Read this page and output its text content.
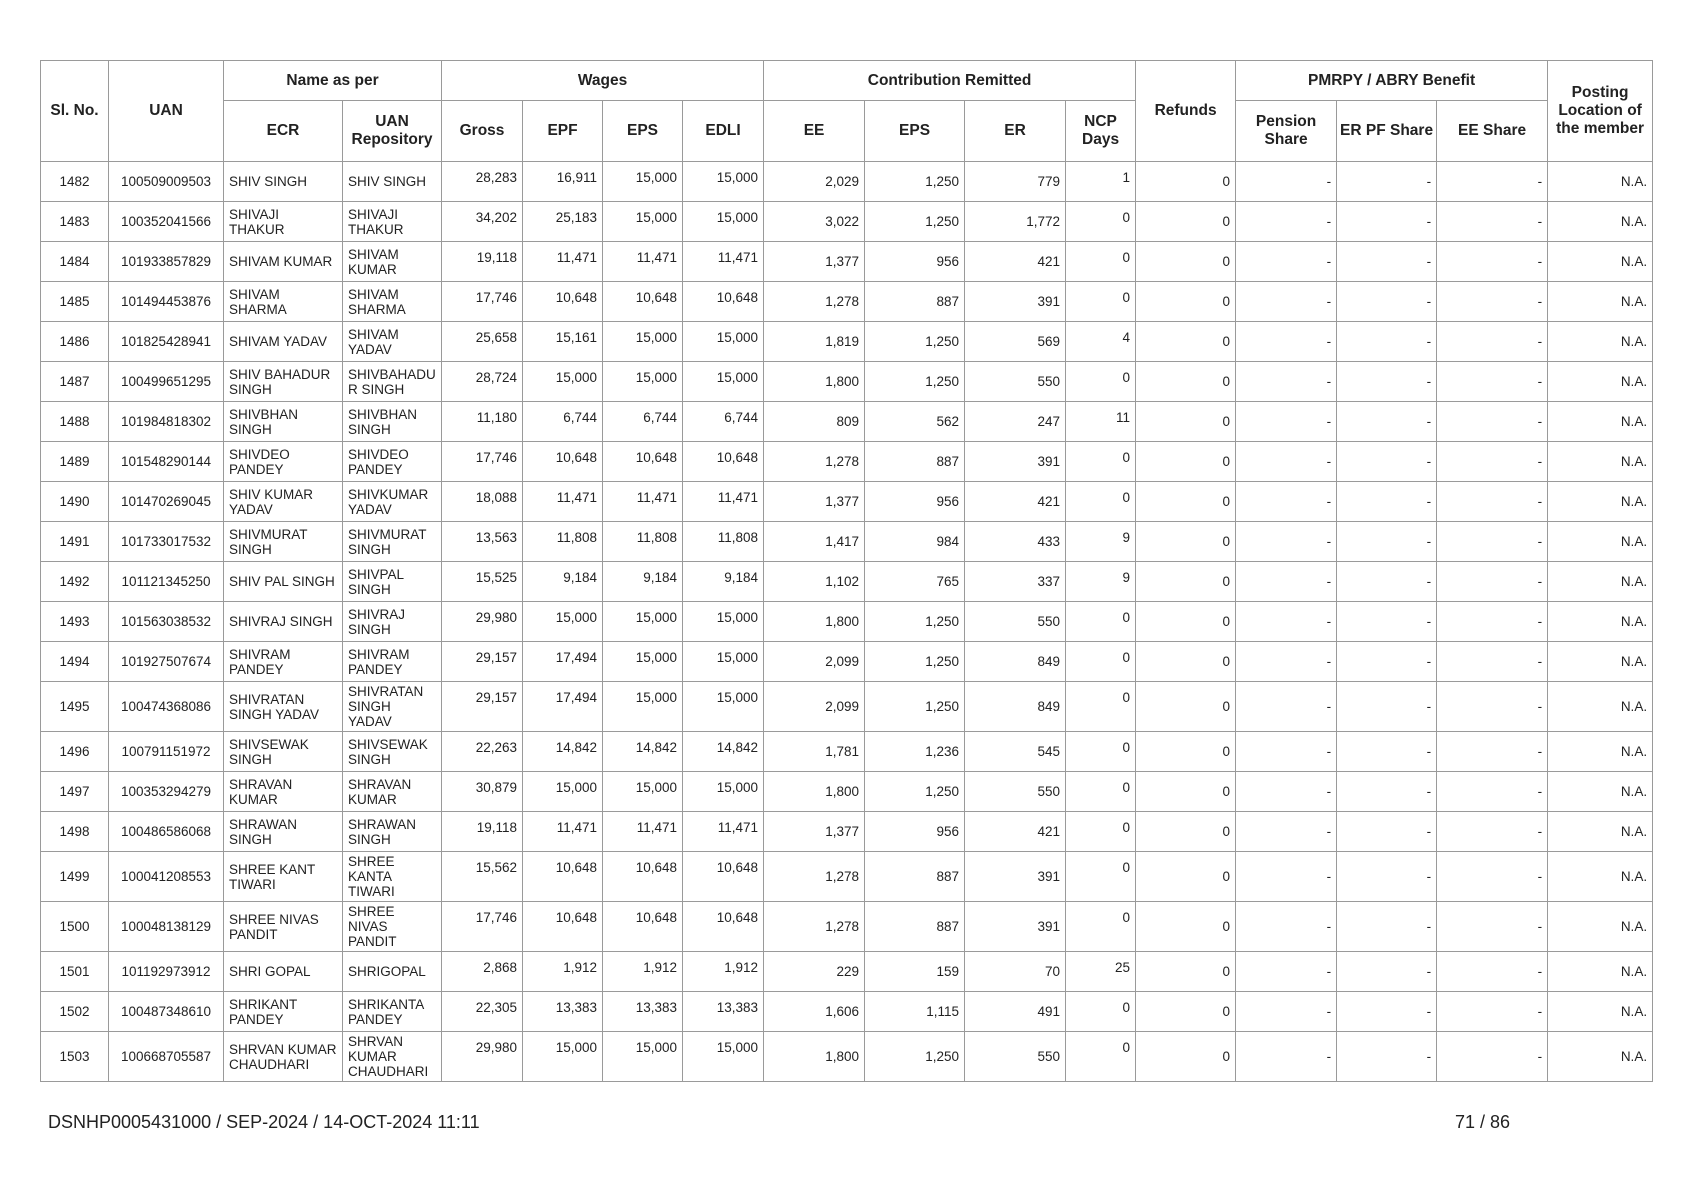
Sl. No.	UAN	Name as per		Wages				Contribution Remitted				Refunds	PMRPY / ABRY Benefit			Posting Location of the member
		ECR	UAN Repository	Gross	EPF	EPS	EDLI	EE	EPS	ER	NCP Days		Pension Share	ER PF Share	EE Share	
1482	100509009503	SHIV SINGH	SHIV SINGH	28,283	16,911	15,000	15,000	2,029	1,250	779	1	0	-	-	-	N.A.
1483	100352041566	SHIVAJI THAKUR	SHIVAJI THAKUR	34,202	25,183	15,000	15,000	3,022	1,250	1,772	0	0	-	-	-	N.A.
1484	101933857829	SHIVAM KUMAR	SHIVAM KUMAR	19,118	11,471	11,471	11,471	1,377	956	421	0	0	-	-	-	N.A.
1485	101494453876	SHIVAM SHARMA	SHIVAM SHARMA	17,746	10,648	10,648	10,648	1,278	887	391	0	0	-	-	-	N.A.
1486	101825428941	SHIVAM YADAV	SHIVAM YADAV	25,658	15,161	15,000	15,000	1,819	1,250	569	4	0	-	-	-	N.A.
1487	100499651295	SHIV BAHADUR SINGH	SHIVBAHADU R SINGH	28,724	15,000	15,000	15,000	1,800	1,250	550	0	0	-	-	-	N.A.
1488	101984818302	SHIVBHAN SINGH	SHIVBHAN SINGH	11,180	6,744	6,744	6,744	809	562	247	11	0	-	-	-	N.A.
1489	101548290144	SHIVDEO PANDEY	SHIVDEO PANDEY	17,746	10,648	10,648	10,648	1,278	887	391	0	0	-	-	-	N.A.
1490	101470269045	SHIV KUMAR YADAV	SHIVKUMAR YADAV	18,088	11,471	11,471	11,471	1,377	956	421	0	0	-	-	-	N.A.
1491	101733017532	SHIVMURAT SINGH	SHIVMURAT SINGH	13,563	11,808	11,808	11,808	1,417	984	433	9	0	-	-	-	N.A.
1492	101121345250	SHIV PAL SINGH	SHIVPAL SINGH	15,525	9,184	9,184	9,184	1,102	765	337	9	0	-	-	-	N.A.
1493	101563038532	SHIVRAJ SINGH	SHIVRAJ SINGH	29,980	15,000	15,000	15,000	1,800	1,250	550	0	0	-	-	-	N.A.
1494	101927507674	SHIVRAM PANDEY	SHIVRAM PANDEY	29,157	17,494	15,000	15,000	2,099	1,250	849	0	0	-	-	-	N.A.
1495	100474368086	SHIVRATAN SINGH YADAV	SHIVRATAN SINGH YADAV	29,157	17,494	15,000	15,000	2,099	1,250	849	0	0	-	-	-	N.A.
1496	100791151972	SHIVSEWAK SINGH	SHIVSEWAK SINGH	22,263	14,842	14,842	14,842	1,781	1,236	545	0	0	-	-	-	N.A.
1497	100353294279	SHRAVAN KUMAR	SHRAVAN KUMAR	30,879	15,000	15,000	15,000	1,800	1,250	550	0	0	-	-	-	N.A.
1498	100486586068	SHRAWAN SINGH	SHRAWAN SINGH	19,118	11,471	11,471	11,471	1,377	956	421	0	0	-	-	-	N.A.
1499	100041208553	SHREE KANT TIWARI	SHREE KANTA TIWARI	15,562	10,648	10,648	10,648	1,278	887	391	0	0	-	-	-	N.A.
1500	100048138129	SHREE NIVAS PANDIT	SHREE NIVAS PANDIT	17,746	10,648	10,648	10,648	1,278	887	391	0	0	-	-	-	N.A.
1501	101192973912	SHRI GOPAL	SHRIGOPAL	2,868	1,912	1,912	1,912	229	159	70	25	0	-	-	-	N.A.
1502	100487348610	SHRIKANT PANDEY	SHRIKANTA PANDEY	22,305	13,383	13,383	13,383	1,606	1,115	491	0	0	-	-	-	N.A.
1503	100668705587	SHRVAN KUMAR CHAUDHARI	SHRVAN KUMAR CHAUDHARI	29,980	15,000	15,000	15,000	1,800	1,250	550	0	0	-	-	-	N.A.
DSNHP0005431000 / SEP-2024 / 14-OCT-2024 11:11	71 / 86
